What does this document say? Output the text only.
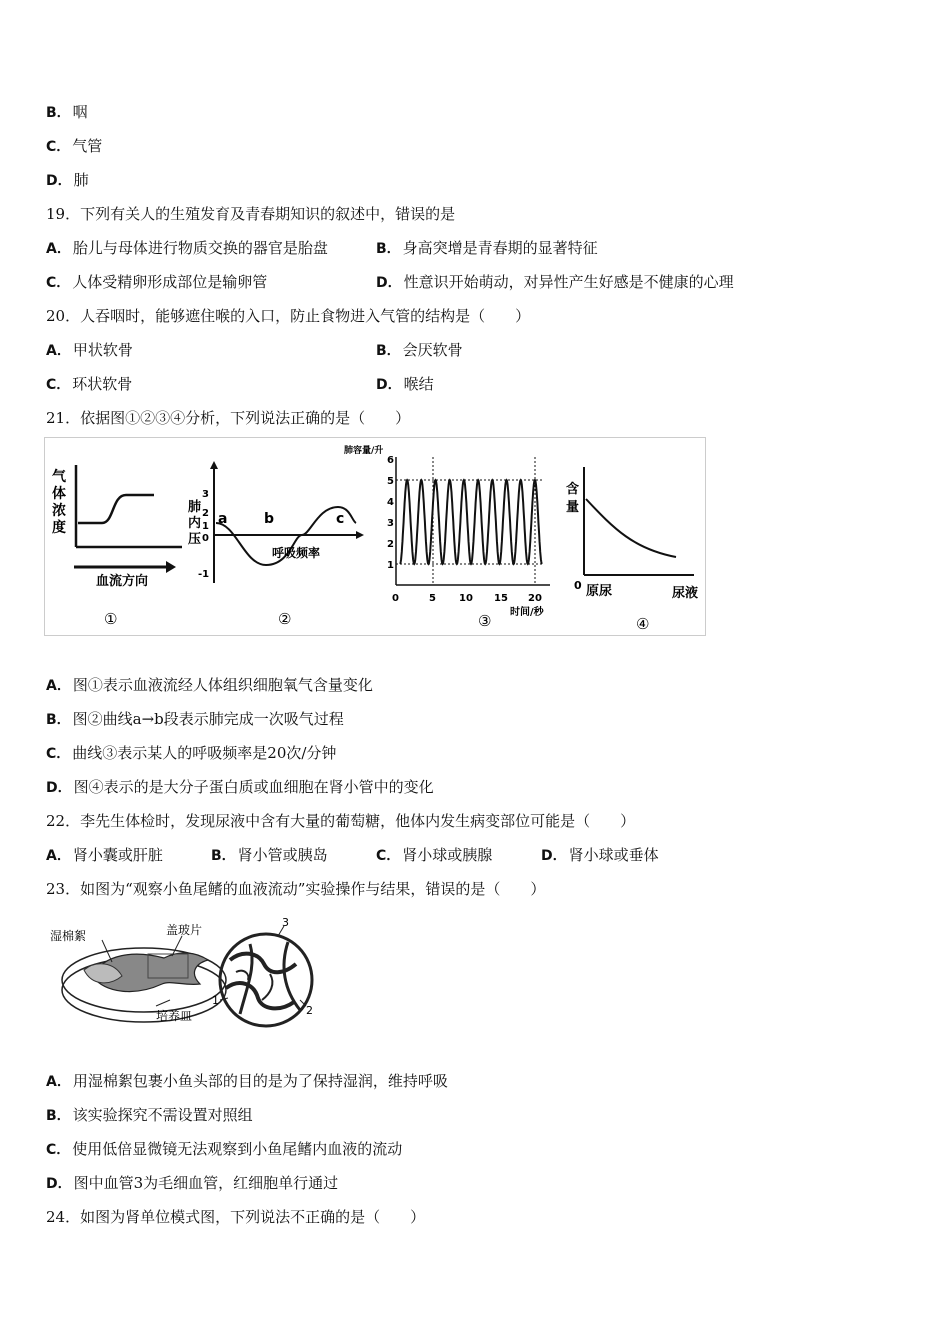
B． 咽
C． 气管
D． 肺
19．下列有关人的生殖发育及青春期知识的叙述中，错误的是
A． 胎儿与母体进行物质交换的器官是胎盘	B． 身高突增是青春期的显著特征
C． 人体受精卵形成部位是输卵管	D． 性意识开始萌动，对异性产生好感是不健康的心理
20．人吞咽时，能够遮住喉的入口，防止食物进入气管的结构是（　　）
A． 甲状软骨	B． 会厌软骨
C． 环状软骨	D． 喉结
21．依据图①②③④分析，下列说法正确的是（　　）
气
体
浓
度
血流方向
①
3
2
1
0
-1
肺
内
压
a	b	c
呼吸频率
②
肺容量/升
6
5
4
3
2
1
0	5 10 15 20
时间/秒
③
含
量
0 原尿	尿液
④
A． 图①表示血液流经人体组织细胞氧气含量变化
B． 图②曲线a→b段表示肺完成一次吸气过程
C． 曲线③表示某人的呼吸频率是20次/分钟
D． 图④表示的是大分子蛋白质或血细胞在肾小管中的变化
22．李先生体检时，发现尿液中含有大量的葡萄糖，他体内发生病变部位可能是（　　）
A． 肾小囊或肝脏	B． 肾小管或胰岛	C． 肾小球或胰腺	D． 肾小球或垂体
23．如图为“观察小鱼尾鳍的血液流动”实验操作与结果，错误的是（　　）
湿棉絮	盖玻片
培养皿
1
2
3
A． 用湿棉絮包裹小鱼头部的目的是为了保持湿润，维持呼吸
B． 该实验探究不需设置对照组
C． 使用低倍显微镜无法观察到小鱼尾鳍内血液的流动
D． 图中血管3为毛细血管，红细胞单行通过
24．如图为肾单位模式图，下列说法不正确的是（　　）
